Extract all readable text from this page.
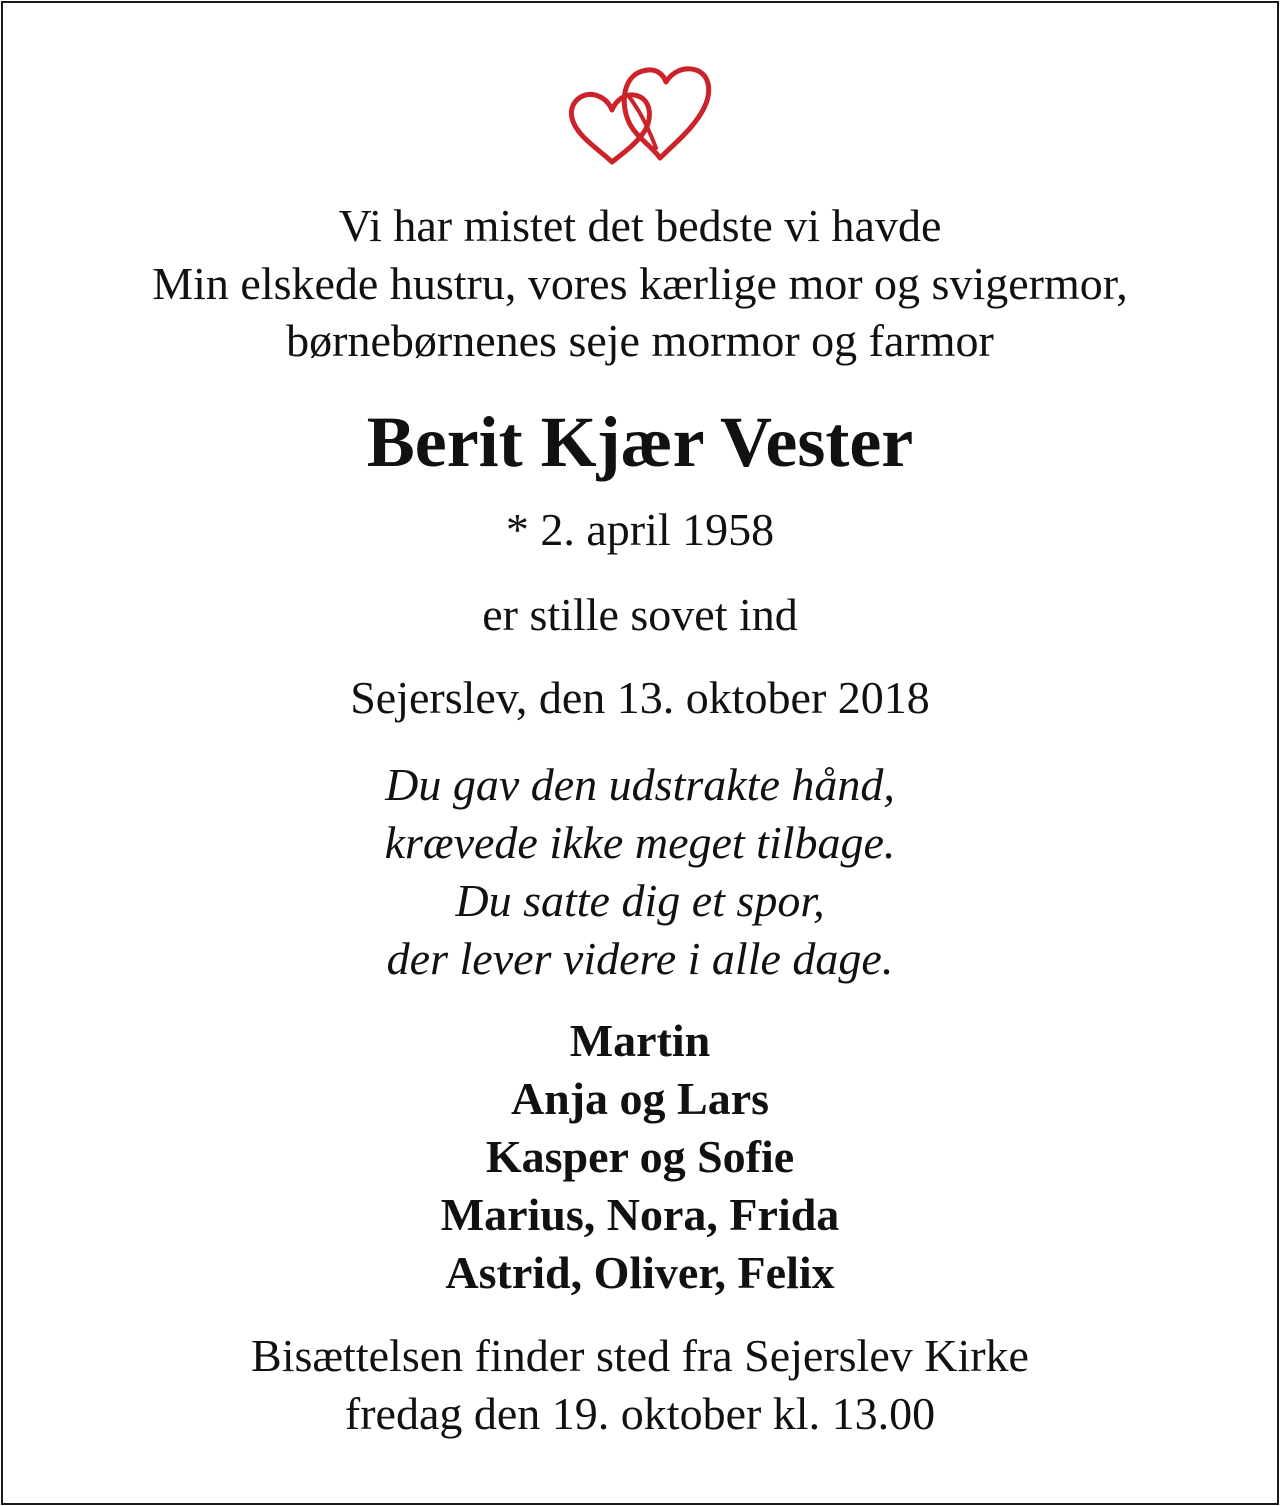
Vi har mistet det bedste vi havde
Min elskede hustru, vores kærlige mor og svigermor,
børnebørnenes seje mormor og farmor
Berit Kjær Vester
* 2. april 1958
er stille sovet ind
Sejerslev, den 13. oktober 2018
Du gav den udstrakte hånd,
krævede ikke meget tilbage.
Du satte dig et spor,
der lever videre i alle dage.
Martin
Anja og Lars
Kasper og Sofie
Marius, Nora, Frida
Astrid, Oliver, Felix
Bisættelsen finder sted fra Sejerslev Kirke
fredag den 19. oktober kl. 13.00
